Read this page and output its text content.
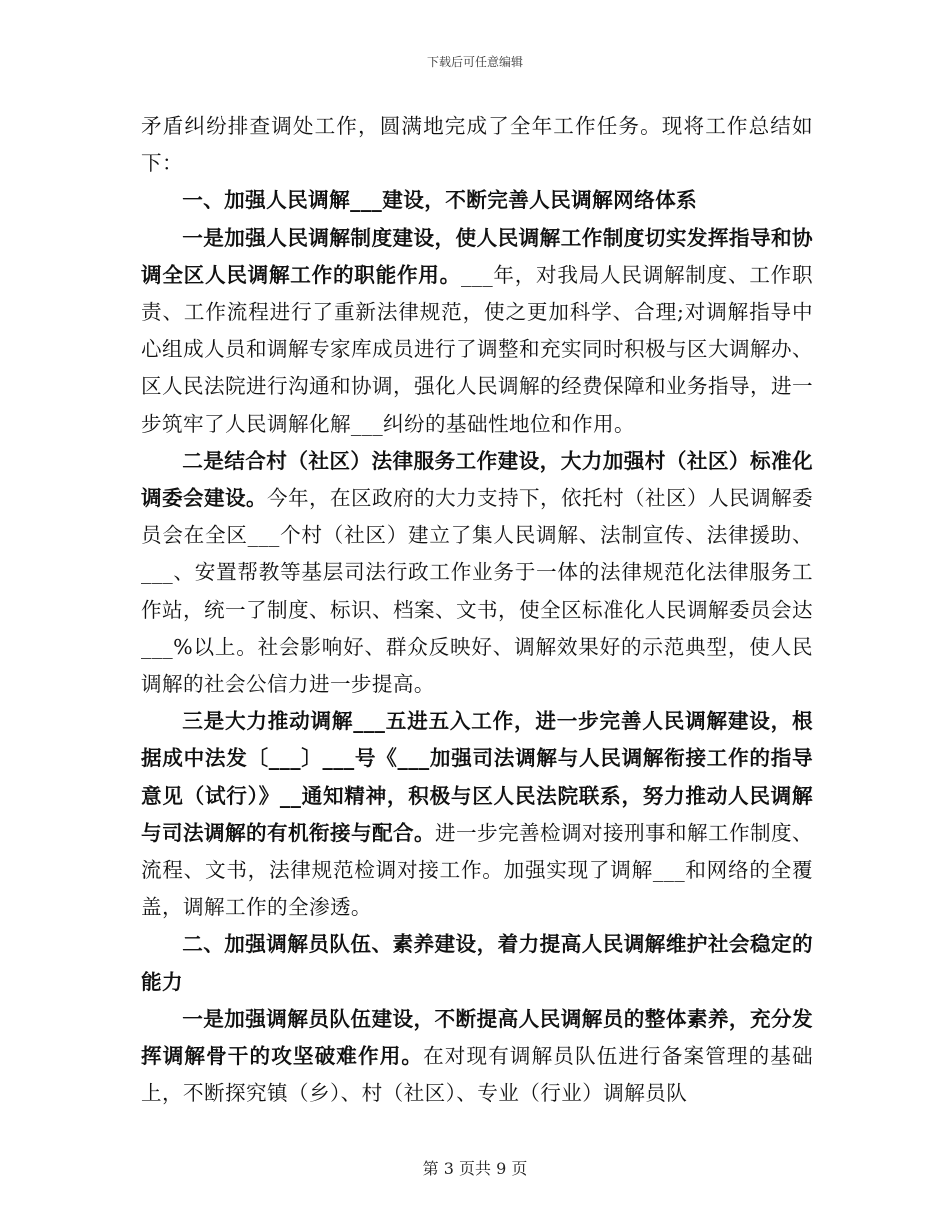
下载后可任意编辑

矛盾纠纷排查调处工作，圆满地完成了全年工作任务。现将工作总结如下：

一、加强人民调解___建设，不断完善人民调解网络体系

一是加强人民调解制度建设，使人民调解工作制度切实发挥指导和协调全区人民调解工作的职能作用。___年，对我局人民调解制度、工作职责、工作流程进行了重新法律规范，使之更加科学、合理;对调解指导中心组成人员和调解专家库成员进行了调整和充实同时积极与区大调解办、区人民法院进行沟通和协调，强化人民调解的经费保障和业务指导，进一步筑牢了人民调解化解___纠纷的基础性地位和作用。

二是结合村（社区）法律服务工作建设，大力加强村（社区）标准化调委会建设。今年，在区政府的大力支持下，依托村（社区）人民调解委员会在全区___个村（社区）建立了集人民调解、法制宣传、法律援助、___、安置帮教等基层司法行政工作业务于一体的法律规范化法律服务工作站，统一了制度、标识、档案、文书，使全区标准化人民调解委员会达___%以上。社会影响好、群众反映好、调解效果好的示范典型，使人民调解的社会公信力进一步提高。

三是大力推动调解___五进五入工作，进一步完善人民调解建设，根据成中法发〔___〕___号《___加强司法调解与人民调解衔接工作的指导意见（试行）》__通知精神，积极与区人民法院联系，努力推动人民调解与司法调解的有机衔接与配合。进一步完善检调对接刑事和解工作制度、流程、文书，法律规范检调对接工作。加强实现了调解___和网络的全覆盖，调解工作的全渗透。

二、加强调解员队伍、素养建设，着力提高人民调解维护社会稳定的能力

一是加强调解员队伍建设，不断提高人民调解员的整体素养，充分发挥调解骨干的攻坚破难作用。在对现有调解员队伍进行备案管理的基础上，不断探究镇（乡）、村（社区）、专业（行业）调解员队

第 3 页共 9 页
